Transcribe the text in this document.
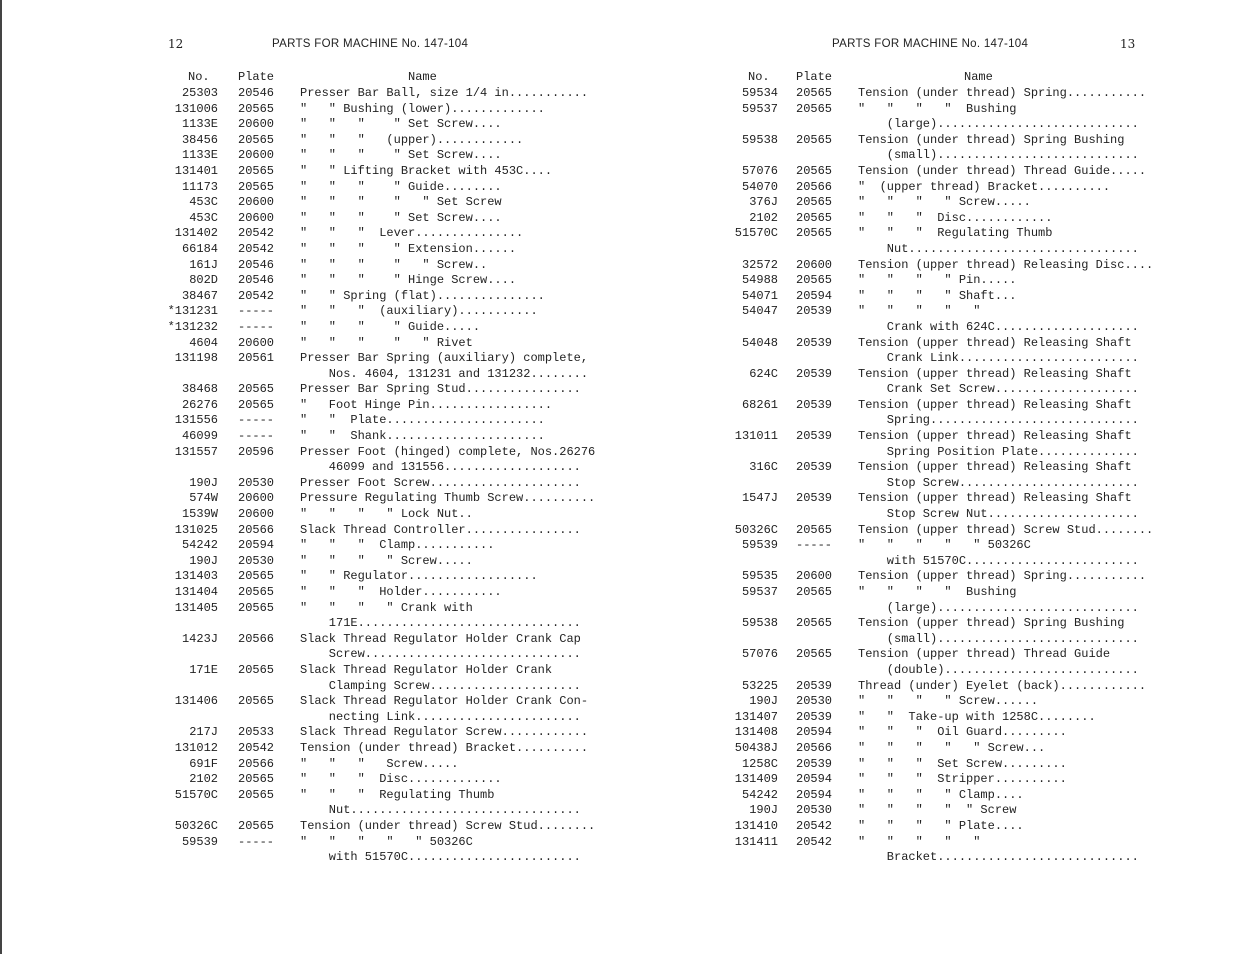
12	PARTS FOR MACHINE No. 147-104	13
PARTS FOR MACHINE No. 147-104
No. Plate	Name
25303 20546 Presser Bar Ball, size 1/4 in...........
131006 20565 "   " Bushing (lower).............
1133E 20600 "   "   "    " Set Screw....
38456 20565 "   "   "   (upper)............
1133E 20600 "   "   "    " Set Screw....
131401 20565 "   " Lifting Bracket with 453C....
11173 20565 "   "   "    " Guide........
453C 20600 "   "   "    "   " Set Screw
453C 20600 "   "   "    " Set Screw....
131402 20542 "   "   "  Lever...............
66184 20542 "   "   "    " Extension......
161J 20546 "   "   "    "   " Screw..
802D 20546 "   "   "    " Hinge Screw....
38467 20542 "   " Spring (flat)...............
*131231 ----- "   "   "  (auxiliary)...........
*131232 ----- "   "   "    " Guide.....
4604 20600 "   "   "    "   " Rivet
131198 20561 Presser Bar Spring (auxiliary) complete,
Nos. 4604, 131231 and 131232........
38468 20565 Presser Bar Spring Stud................
26276 20565 "   Foot Hinge Pin.................
131556 ----- "   "  Plate......................
46099 ----- "   "  Shank......................
131557 20596 Presser Foot (hinged) complete, Nos.26276
46099 and 131556...................
190J 20530 Presser Foot Screw.....................
574W 20600 Pressure Regulating Thumb Screw..........
1539W 20600 "   "   "   " Lock Nut..
131025 20566 Slack Thread Controller................
54242 20594 "   "   "  Clamp...........
190J 20530 "   "   "   " Screw.....
131403 20565 "   " Regulator..................
131404 20565 "   "   "  Holder...........
131405 20565 "   "   "   " Crank with
171E...............................
1423J 20566 Slack Thread Regulator Holder Crank Cap
Screw..............................
171E 20565 Slack Thread Regulator Holder Crank
Clamping Screw.....................
131406 20565 Slack Thread Regulator Holder Crank Con-
necting Link.......................
217J 20533 Slack Thread Regulator Screw............
131012 20542 Tension (under thread) Bracket..........
691F 20566 "   "   "   Screw.....
2102 20565 "   "   "  Disc.............
51570C 20565 "   "   "  Regulating Thumb
Nut................................
50326C 20565 Tension (under thread) Screw Stud........
59539 ----- "   "   "   "   " 50326C
with 51570C........................
No. Plate	Name
59534 20565 Tension (under thread) Spring...........
59537 20565 "   "   "   "  Bushing
(large)............................
59538 20565 Tension (under thread) Spring Bushing
(small)............................
57076 20565 Tension (under thread) Thread Guide.....
54070 20566 "  (upper thread) Bracket..........
376J 20565 "   "   "   " Screw.....
2102 20565 "   "   "  Disc............
51570C 20565 "   "   "  Regulating Thumb
Nut................................
32572 20600 Tension (upper thread) Releasing Disc....
54988 20565 "   "   "   " Pin.....
54071 20594 "   "   "   " Shaft...
54047 20539 "   "   "   "   "
Crank with 624C....................
54048 20539 Tension (upper thread) Releasing Shaft
Crank Link.........................
624C 20539 Tension (upper thread) Releasing Shaft
Crank Set Screw....................
68261 20539 Tension (upper thread) Releasing Shaft
Spring.............................
131011 20539 Tension (upper thread) Releasing Shaft
Spring Position Plate..............
316C 20539 Tension (upper thread) Releasing Shaft
Stop Screw.........................
1547J 20539 Tension (upper thread) Releasing Shaft
Stop Screw Nut.....................
50326C 20565 Tension (upper thread) Screw Stud........
59539 ----- "   "   "   "   " 50326C
with 51570C........................
59535 20600 Tension (upper thread) Spring...........
59537 20565 "   "   "   "  Bushing
(large)............................
59538 20565 Tension (upper thread) Spring Bushing
(small)............................
57076 20565 Tension (upper thread) Thread Guide
(double)...........................
53225 20539 Thread (under) Eyelet (back)............
190J 20530 "   "   "   " Screw......
131407 20539 "   "  Take-up with 1258C........
131408 20594 "   "   "  Oil Guard.........
50438J 20566 "   "   "   "   " Screw...
1258C 20539 "   "   "  Set Screw.........
131409 20594 "   "   "  Stripper..........
54242 20594 "   "   "   " Clamp....
190J 20530 "   "   "   "  " Screw
131410 20542 "   "   "   " Plate....
131411 20542 "   "   "   "   "
Bracket............................
